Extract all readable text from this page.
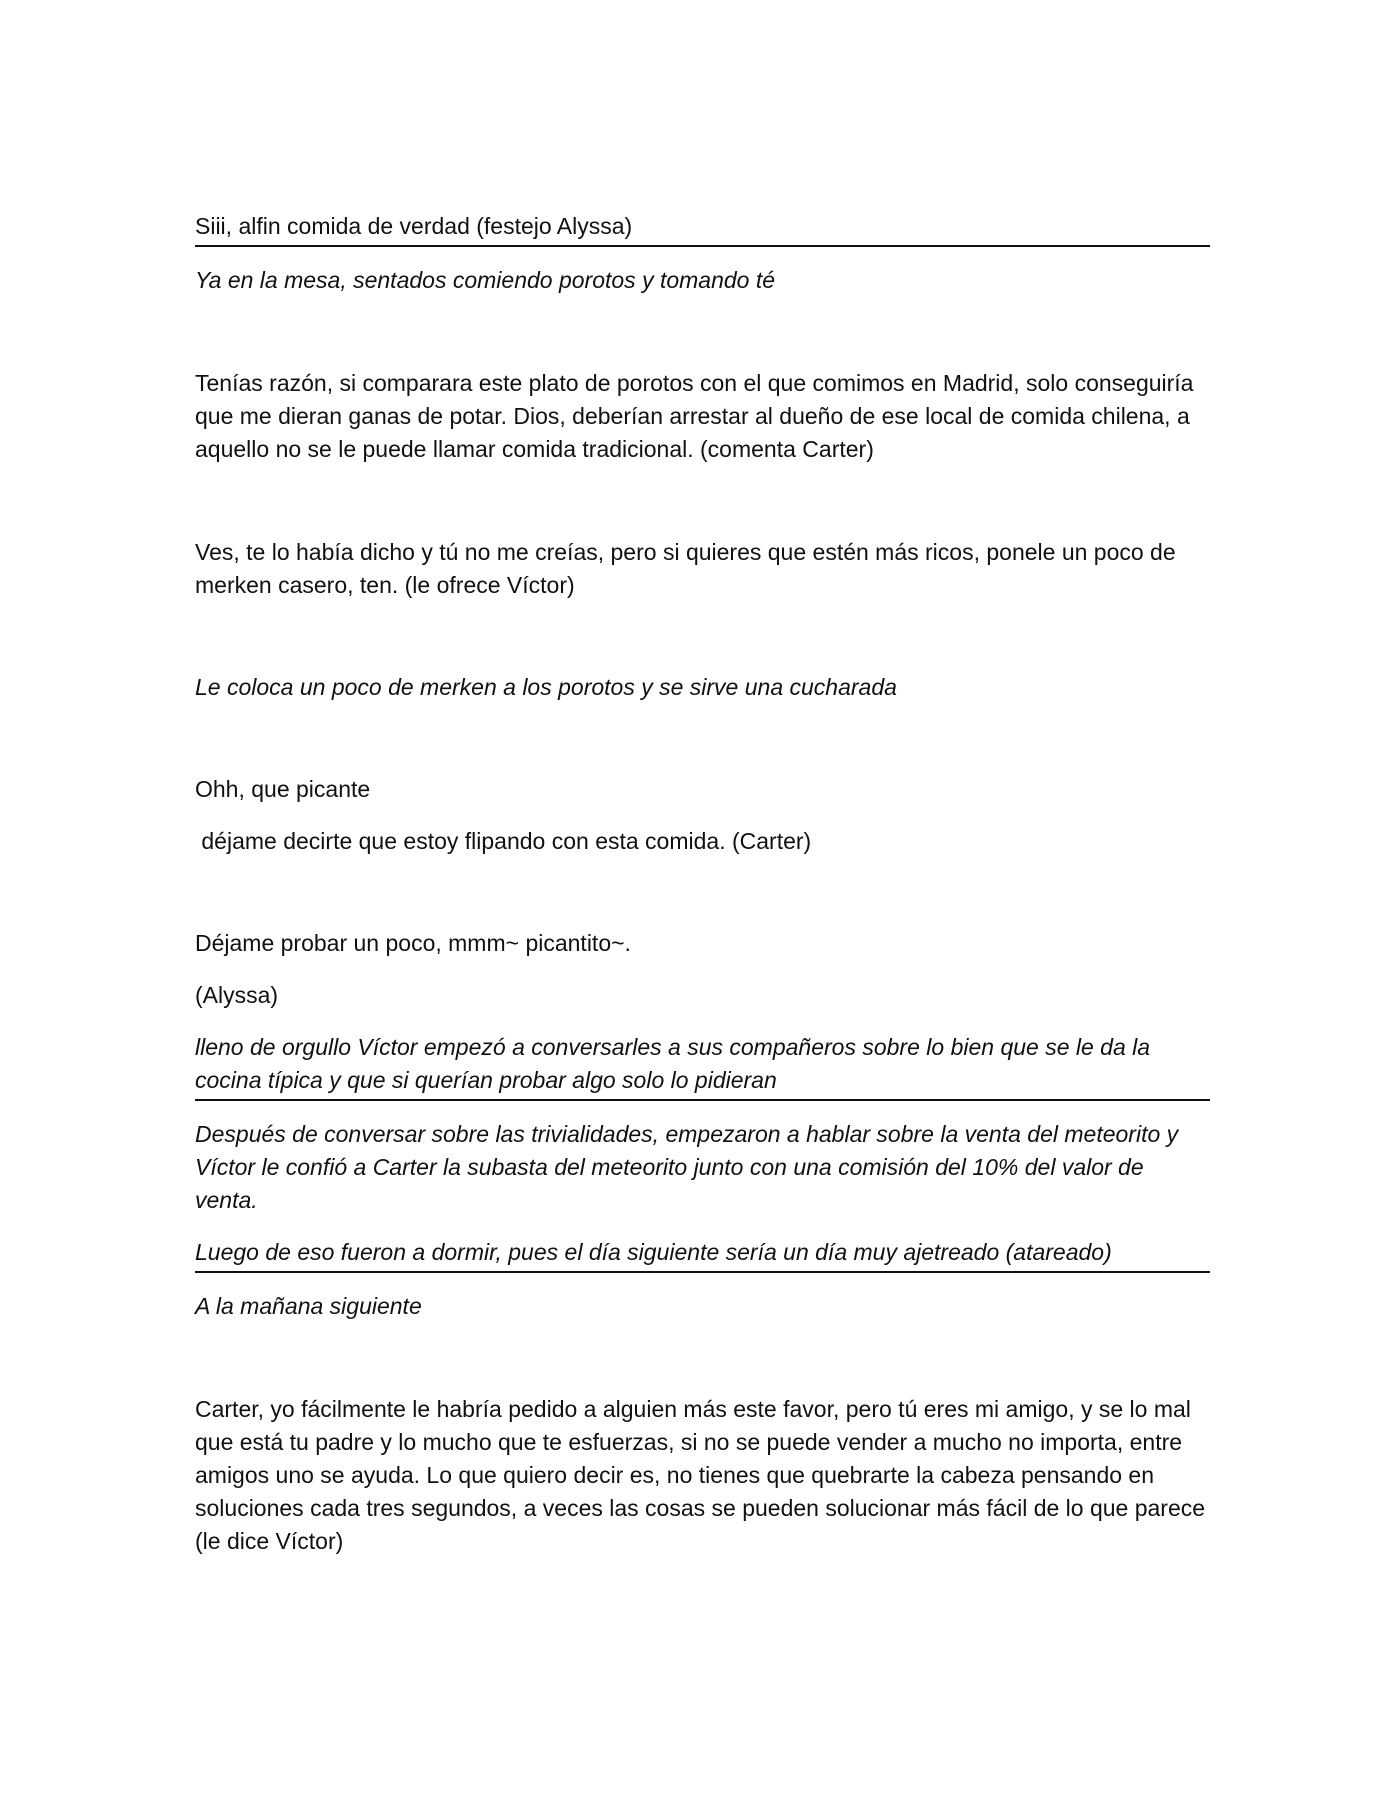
Siii, alfin comida de verdad (festejo Alyssa)

Ya en la mesa, sentados comiendo porotos y tomando té

Tenías razón, si comparara este plato de porotos con el que comimos en Madrid, solo conseguiría que me dieran ganas de potar. Dios, deberían arrestar al dueño de ese local de comida chilena, a aquello no se le puede llamar comida tradicional. (comenta Carter)

Ves, te lo había dicho y tú no me creías, pero si quieres que estén más ricos, ponele un poco de merken casero, ten. (le ofrece Víctor)

Le coloca un poco de merken a los porotos y se sirve una cucharada

Ohh, que picante

déjame decirte que estoy flipando con esta comida. (Carter)

Déjame probar un poco, mmm~ picantito~.

(Alyssa)

lleno de orgullo Víctor empezó a conversarles a sus compañeros sobre lo bien que se le da la cocina típica y que si querían probar algo solo lo pidieran

Después de conversar sobre las trivialidades, empezaron a hablar sobre la venta del meteorito y Víctor le confió a Carter la subasta del meteorito junto con una comisión del 10% del valor de venta.

Luego de eso fueron a dormir, pues el día siguiente sería un día muy ajetreado (atareado)

A la mañana siguiente

Carter, yo fácilmente le habría pedido a alguien más este favor, pero tú eres mi amigo, y se lo mal que está tu padre y lo mucho que te esfuerzas, si no se puede vender a mucho no importa, entre amigos uno se ayuda. Lo que quiero decir es, no tienes que quebrarte la cabeza pensando en soluciones cada tres segundos, a veces las cosas se pueden solucionar más fácil de lo que parece (le dice Víctor)
